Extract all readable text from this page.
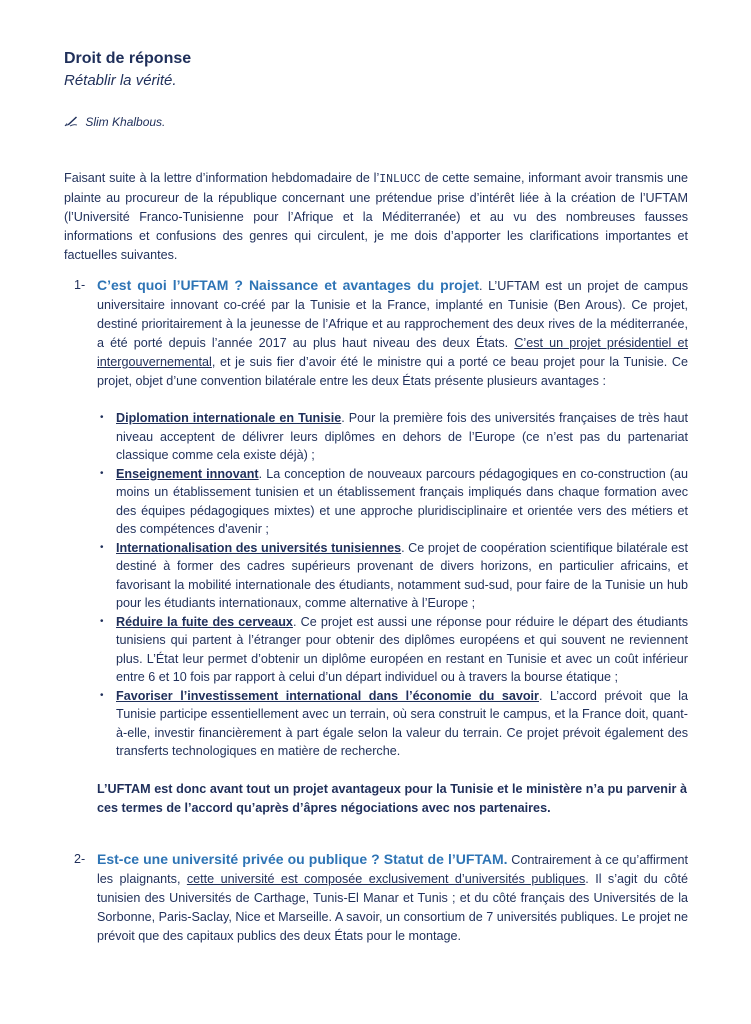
Droit de réponse
Rétablir la vérité.
Slim Khalbous.

Faisant suite à la lettre d’information hebdomadaire de l’INLUCC de cette semaine, informant avoir transmis une plainte au procureur de la république concernant une prétendue prise d’intérêt liée à la création de l’UFTAM (l’Université Franco-Tunisienne pour l’Afrique et la Méditerranée) et au vu des nombreuses fausses informations et confusions des genres qui circulent, je me dois d’apporter les clarifications importantes et factuelles suivantes.

1- C’est quoi l’UFTAM ? Naissance et avantages du projet. L’UFTAM est un projet de campus universitaire innovant co-créé par la Tunisie et la France, implanté en Tunisie (Ben Arous). Ce projet, destiné prioritairement à la jeunesse de l’Afrique et au rapprochement des deux rives de la méditerranée, a été porté depuis l’année 2017 au plus haut niveau des deux États. C’est un projet présidentiel et intergouvernemental, et je suis fier d’avoir été le ministre qui a porté ce beau projet pour la Tunisie. Ce projet, objet d’une convention bilatérale entre les deux États présente plusieurs avantages :
• Diplomation internationale en Tunisie. Pour la première fois des universités françaises de très haut niveau acceptent de délivrer leurs diplômes en dehors de l’Europe (ce n’est pas du partenariat classique comme cela existe déjà) ;
• Enseignement innovant. La conception de nouveaux parcours pédagogiques en co-construction (au moins un établissement tunisien et un établissement français impliqués dans chaque formation avec des équipes pédagogiques mixtes) et une approche pluridisciplinaire et orientée vers des métiers et des compétences d'avenir ;
• Internationalisation des universités tunisiennes. Ce projet de coopération scientifique bilatérale est destiné à former des cadres supérieurs provenant de divers horizons, en particulier africains, et favorisant la mobilité internationale des étudiants, notamment sud-sud, pour faire de la Tunisie un hub pour les étudiants internationaux, comme alternative à l’Europe ;
• Réduire la fuite des cerveaux. Ce projet est aussi une réponse pour réduire le départ des étudiants tunisiens qui partent à l’étranger pour obtenir des diplômes européens et qui souvent ne reviennent plus. L’État leur permet d’obtenir un diplôme européen en restant en Tunisie et avec un coût inférieur entre 6 et 10 fois par rapport à celui d’un départ individuel ou à travers la bourse étatique ;
• Favoriser l’investissement international dans l’économie du savoir. L’accord prévoit que la Tunisie participe essentiellement avec un terrain, où sera construit le campus, et la France doit, quant-à-elle, investir financièrement à part égale selon la valeur du terrain. Ce projet prévoit également des transferts technologiques en matière de recherche.

L’UFTAM est donc avant tout un projet avantageux pour la Tunisie et le ministère n’a pu parvenir à ces termes de l’accord qu’après d’âpres négociations avec nos partenaires.

2- Est-ce une université privée ou publique ? Statut de l’UFTAM. Contrairement à ce qu’affirment les plaignants, cette université est composée exclusivement d’universités publiques. Il s’agit du côté tunisien des Universités de Carthage, Tunis-El Manar et Tunis ; et du côté français des Universités de la Sorbonne, Paris-Saclay, Nice et Marseille. A savoir, un consortium de 7 universités publiques. Le projet ne prévoit que des capitaux publics des deux États pour le montage.
